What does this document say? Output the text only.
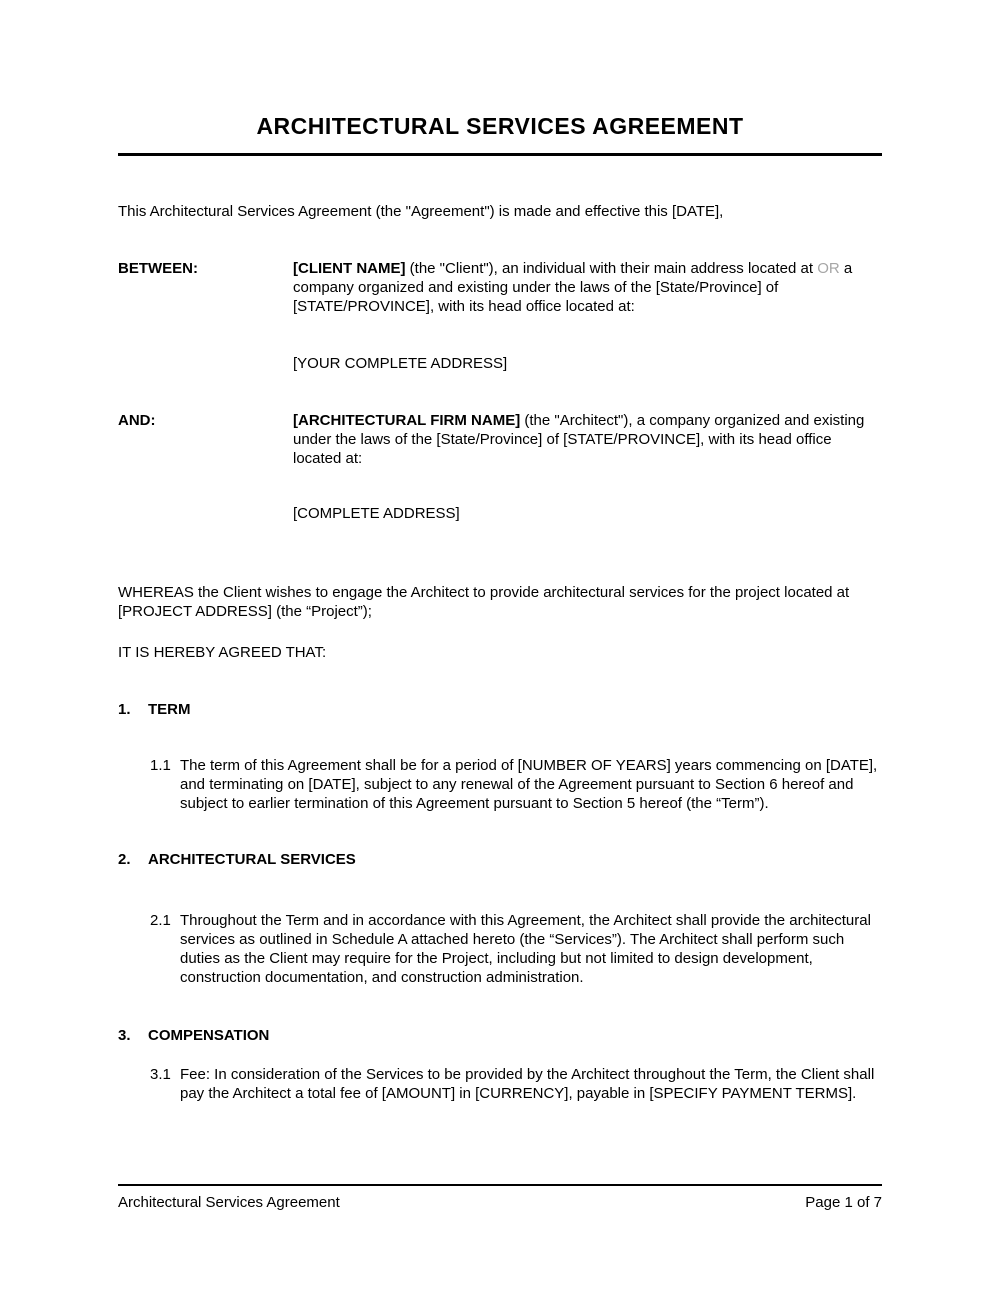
ARCHITECTURAL SERVICES AGREEMENT

This Architectural Services Agreement (the "Agreement") is made and effective this [DATE],

BETWEEN:	[CLIENT NAME] (the "Client"), an individual with their main address located at OR a company organized and existing under the laws of the [State/Province] of [STATE/PROVINCE], with its head office located at:

[YOUR COMPLETE ADDRESS]

AND:	[ARCHITECTURAL FIRM NAME] (the "Architect"), a company organized and existing under the laws of the [State/Province] of [STATE/PROVINCE], with its head office located at:

[COMPLETE ADDRESS]

WHEREAS the Client wishes to engage the Architect to provide architectural services for the project located at [PROJECT ADDRESS] (the “Project”);

IT IS HEREBY AGREED THAT:

1.	TERM
1.1 The term of this Agreement shall be for a period of [NUMBER OF YEARS] years commencing on [DATE], and terminating on [DATE], subject to any renewal of the Agreement pursuant to Section 6 hereof and subject to earlier termination of this Agreement pursuant to Section 5 hereof (the “Term”).
2.	ARCHITECTURAL SERVICES
2.1 Throughout the Term and in accordance with this Agreement, the Architect shall provide the architectural services as outlined in Schedule A attached hereto (the “Services”). The Architect shall perform such duties as the Client may require for the Project, including but not limited to design development, construction documentation, and construction administration.
3.	COMPENSATION
3.1 Fee: In consideration of the Services to be provided by the Architect throughout the Term, the Client shall pay the Architect a total fee of [AMOUNT] in [CURRENCY], payable in [SPECIFY PAYMENT TERMS].
Architectural Services Agreement	Page 1 of 7
